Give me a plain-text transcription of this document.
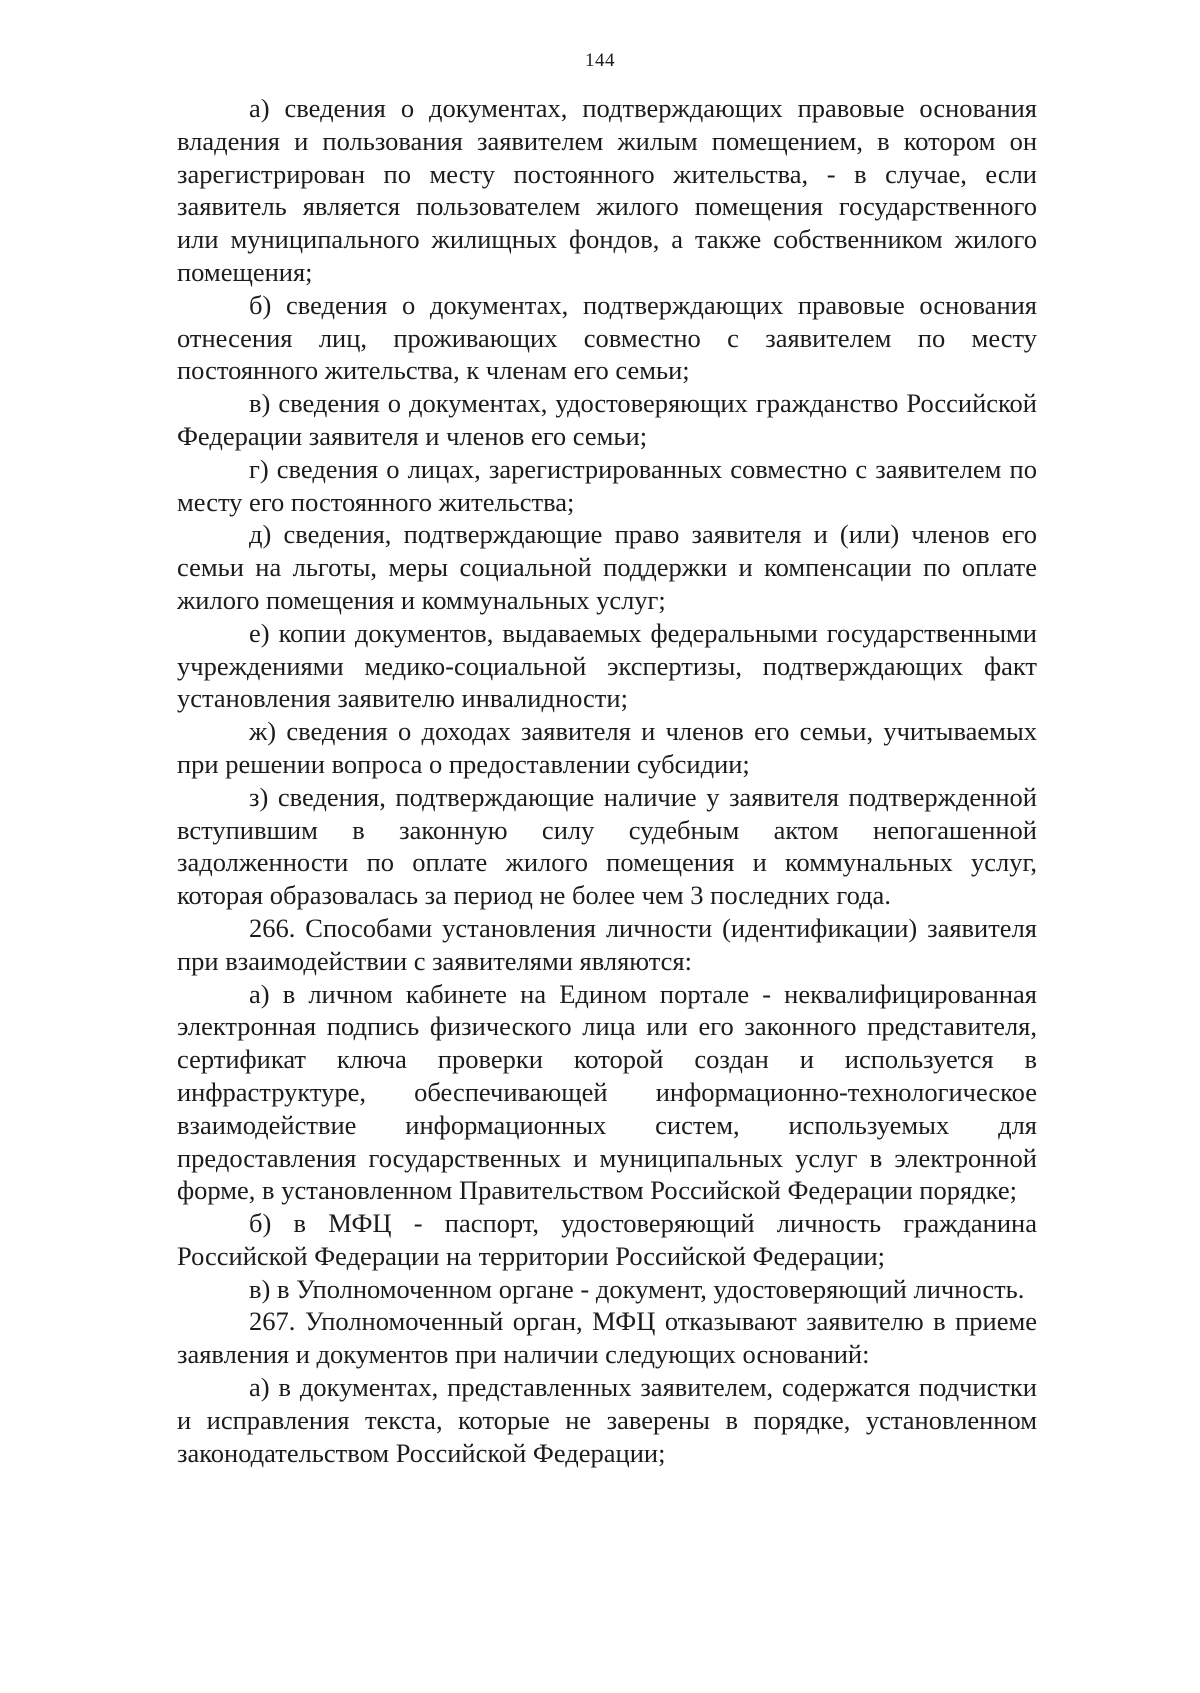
144

а) сведения о документах, подтверждающих правовые основания владения и пользования заявителем жилым помещением, в котором он зарегистрирован по месту постоянного жительства, - в случае, если заявитель является пользователем жилого помещения государственного или муниципального жилищных фондов, а также собственником жилого помещения;

б) сведения о документах, подтверждающих правовые основания отнесения лиц, проживающих совместно с заявителем по месту постоянного жительства, к членам его семьи;

в) сведения о документах, удостоверяющих гражданство Российской Федерации заявителя и членов его семьи;

г) сведения о лицах, зарегистрированных совместно с заявителем по месту его постоянного жительства;

д) сведения, подтверждающие право заявителя и (или) членов его семьи на льготы, меры социальной поддержки и компенсации по оплате жилого помещения и коммунальных услуг;

е) копии документов, выдаваемых федеральными государственными учреждениями медико-социальной экспертизы, подтверждающих факт установления заявителю инвалидности;

ж) сведения о доходах заявителя и членов его семьи, учитываемых при решении вопроса о предоставлении субсидии;

з) сведения, подтверждающие наличие у заявителя подтвержденной вступившим в законную силу судебным актом непогашенной задолженности по оплате жилого помещения и коммунальных услуг, которая образовалась за период не более чем 3 последних года.

266. Способами установления личности (идентификации) заявителя при взаимодействии с заявителями являются:

а) в личном кабинете на Едином портале - неквалифицированная электронная подпись физического лица или его законного представителя, сертификат ключа проверки которой создан и используется в инфраструктуре, обеспечивающей информационно-технологическое взаимодействие информационных систем, используемых для предоставления государственных и муниципальных услуг в электронной форме, в установленном Правительством Российской Федерации порядке;

б) в МФЦ - паспорт, удостоверяющий личность гражданина Российской Федерации на территории Российской Федерации;

в) в Уполномоченном органе - документ, удостоверяющий личность.

267. Уполномоченный орган, МФЦ отказывают заявителю в приеме заявления и документов при наличии следующих оснований:

а) в документах, представленных заявителем, содержатся подчистки и исправления текста, которые не заверены в порядке, установленном законодательством Российской Федерации;
